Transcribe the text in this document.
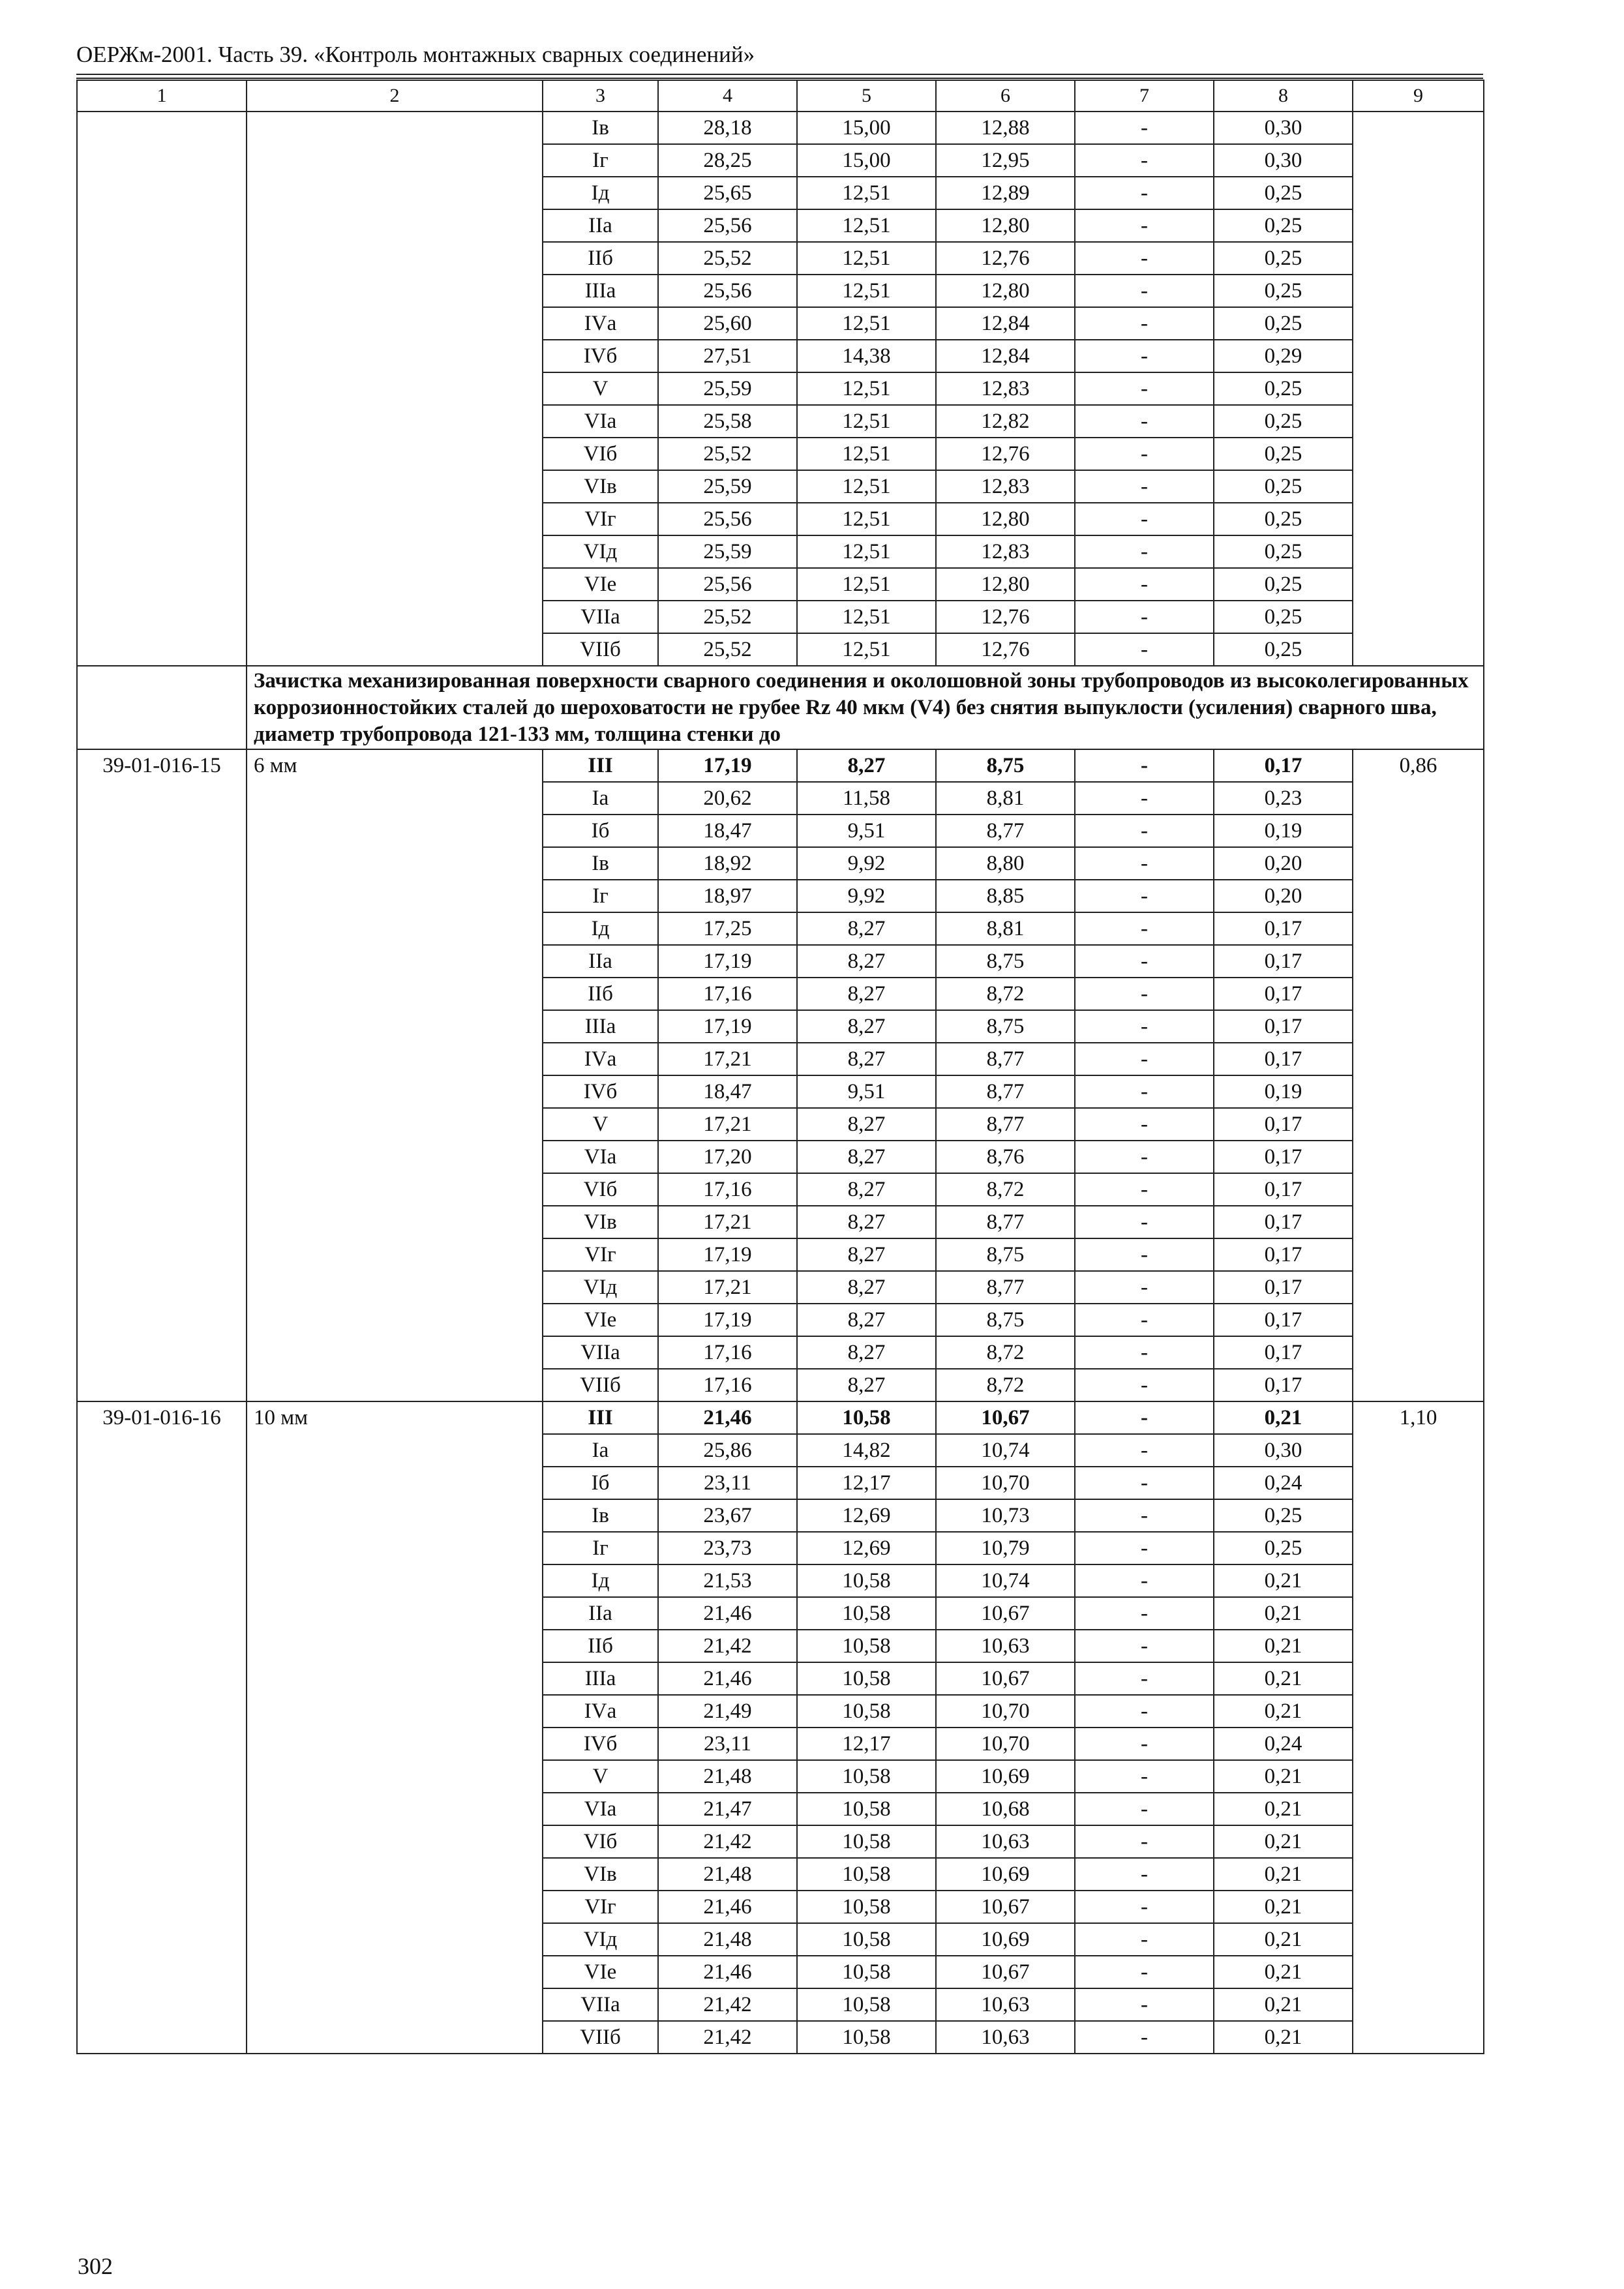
ОЕРЖм-2001. Часть 39. «Контроль монтажных сварных соединений»
1	2	3	4	5	6	7	8	9
		Iв	28,18	15,00	12,88	-	0,30	
		Iг	28,25	15,00	12,95	-	0,30	
		Iд	25,65	12,51	12,89	-	0,25	
		IIа	25,56	12,51	12,80	-	0,25	
		IIб	25,52	12,51	12,76	-	0,25	
		IIIа	25,56	12,51	12,80	-	0,25	
		IVа	25,60	12,51	12,84	-	0,25	
		IVб	27,51	14,38	12,84	-	0,29	
		V	25,59	12,51	12,83	-	0,25	
		VIа	25,58	12,51	12,82	-	0,25	
		VIб	25,52	12,51	12,76	-	0,25	
		VIв	25,59	12,51	12,83	-	0,25	
		VIг	25,56	12,51	12,80	-	0,25	
		VIд	25,59	12,51	12,83	-	0,25	
		VIе	25,56	12,51	12,80	-	0,25	
		VIIа	25,52	12,51	12,76	-	0,25	
		VIIб	25,52	12,51	12,76	-	0,25	
	Зачистка механизированная поверхности сварного соединения и околошовной зоны трубопроводов из высоколегированных коррозионностойких сталей до шероховатости не грубее Rz 40 мкм (V4) без снятия выпуклости (усиления) сварного шва, диаметр трубопровода 121-133 мм, толщина стенки до							
39-01-016-15	6 мм	III	17,19	8,27	8,75	-	0,17	0,86
		Iа	20,62	11,58	8,81	-	0,23	
		Iб	18,47	9,51	8,77	-	0,19	
		Iв	18,92	9,92	8,80	-	0,20	
		Iг	18,97	9,92	8,85	-	0,20	
		Iд	17,25	8,27	8,81	-	0,17	
		IIа	17,19	8,27	8,75	-	0,17	
		IIб	17,16	8,27	8,72	-	0,17	
		IIIа	17,19	8,27	8,75	-	0,17	
		IVа	17,21	8,27	8,77	-	0,17	
		IVб	18,47	9,51	8,77	-	0,19	
		V	17,21	8,27	8,77	-	0,17	
		VIа	17,20	8,27	8,76	-	0,17	
		VIб	17,16	8,27	8,72	-	0,17	
		VIв	17,21	8,27	8,77	-	0,17	
		VIг	17,19	8,27	8,75	-	0,17	
		VIд	17,21	8,27	8,77	-	0,17	
		VIе	17,19	8,27	8,75	-	0,17	
		VIIа	17,16	8,27	8,72	-	0,17	
		VIIб	17,16	8,27	8,72	-	0,17	
39-01-016-16	10 мм	III	21,46	10,58	10,67	-	0,21	1,10
		Iа	25,86	14,82	10,74	-	0,30	
		Iб	23,11	12,17	10,70	-	0,24	
		Iв	23,67	12,69	10,73	-	0,25	
		Iг	23,73	12,69	10,79	-	0,25	
		Iд	21,53	10,58	10,74	-	0,21	
		IIа	21,46	10,58	10,67	-	0,21	
		IIб	21,42	10,58	10,63	-	0,21	
		IIIа	21,46	10,58	10,67	-	0,21	
		IVа	21,49	10,58	10,70	-	0,21	
		IVб	23,11	12,17	10,70	-	0,24	
		V	21,48	10,58	10,69	-	0,21	
		VIа	21,47	10,58	10,68	-	0,21	
		VIб	21,42	10,58	10,63	-	0,21	
		VIв	21,48	10,58	10,69	-	0,21	
		VIг	21,46	10,58	10,67	-	0,21	
		VIд	21,48	10,58	10,69	-	0,21	
		VIе	21,46	10,58	10,67	-	0,21	
		VIIа	21,42	10,58	10,63	-	0,21	
		VIIб	21,42	10,58	10,63	-	0,21	
302
